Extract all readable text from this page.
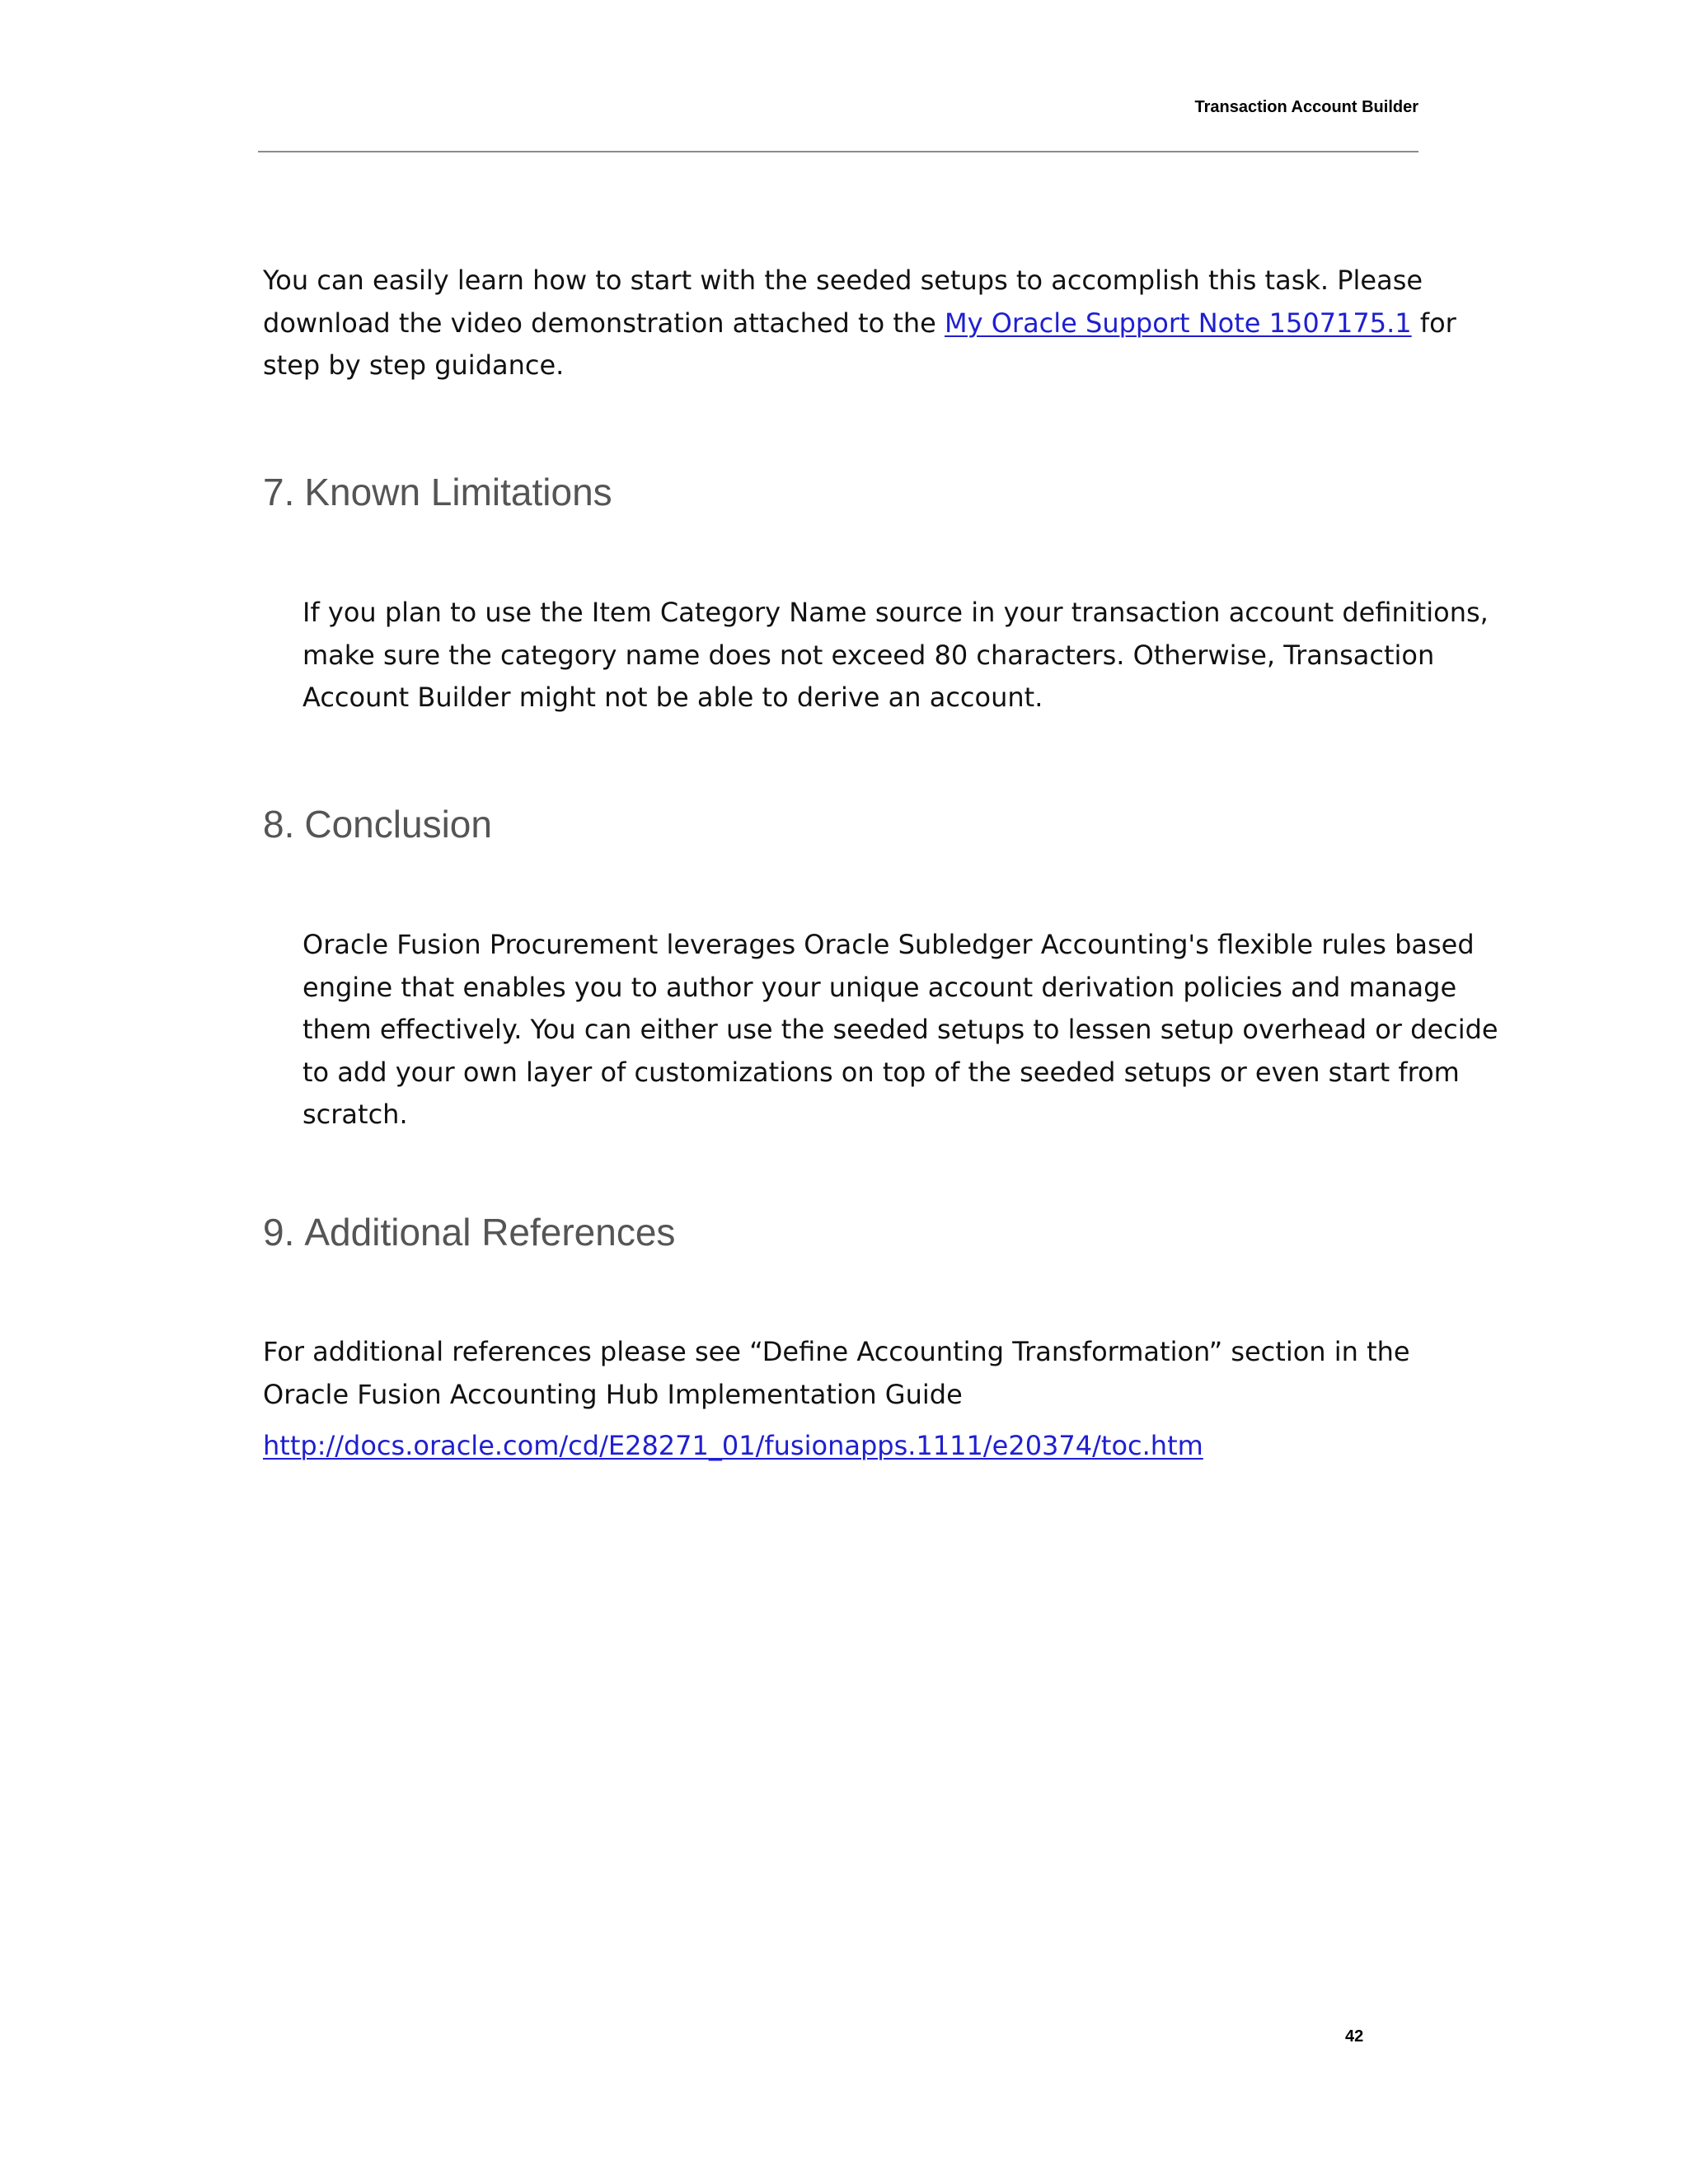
Transaction Account Builder
You can easily learn how to start with the seeded setups to accomplish this task. Please
download the video demonstration attached to the My Oracle Support Note 1507175.1 for
step by step guidance.
7. Known Limitations
If you plan to use the Item Category Name source in your transaction account definitions,
make sure the category name does not exceed 80 characters. Otherwise, Transaction
Account Builder might not be able to derive an account.
8. Conclusion
Oracle Fusion Procurement leverages Oracle Subledger Accounting's flexible rules based
engine that enables you to author your unique account derivation policies and manage
them effectively. You can either use the seeded setups to lessen setup overhead or decide
to add your own layer of customizations on top of the seeded setups or even start from
scratch.
9. Additional References
For additional references please see “Define Accounting Transformation” section in the
Oracle Fusion Accounting Hub Implementation Guide
http://docs.oracle.com/cd/E28271_01/fusionapps.1111/e20374/toc.htm
42
